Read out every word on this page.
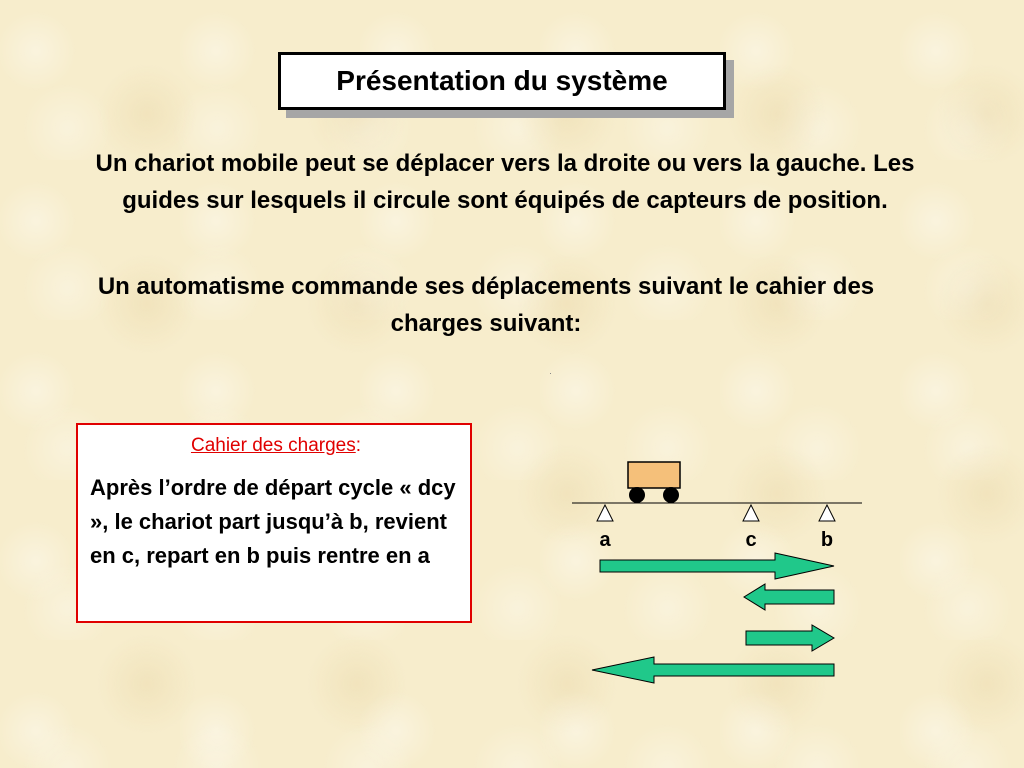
Présentation du système

Un chariot mobile peut se déplacer vers la droite ou vers la gauche. Les guides sur lesquels il circule sont équipés de capteurs de position.

Un automatisme commande ses déplacements suivant le cahier des charges suivant:

Cahier des charges:

Après l’ordre de départ cycle « dcy », le chariot part jusqu’à b, revient en c, repart en b puis rentre en a

a	c	b
